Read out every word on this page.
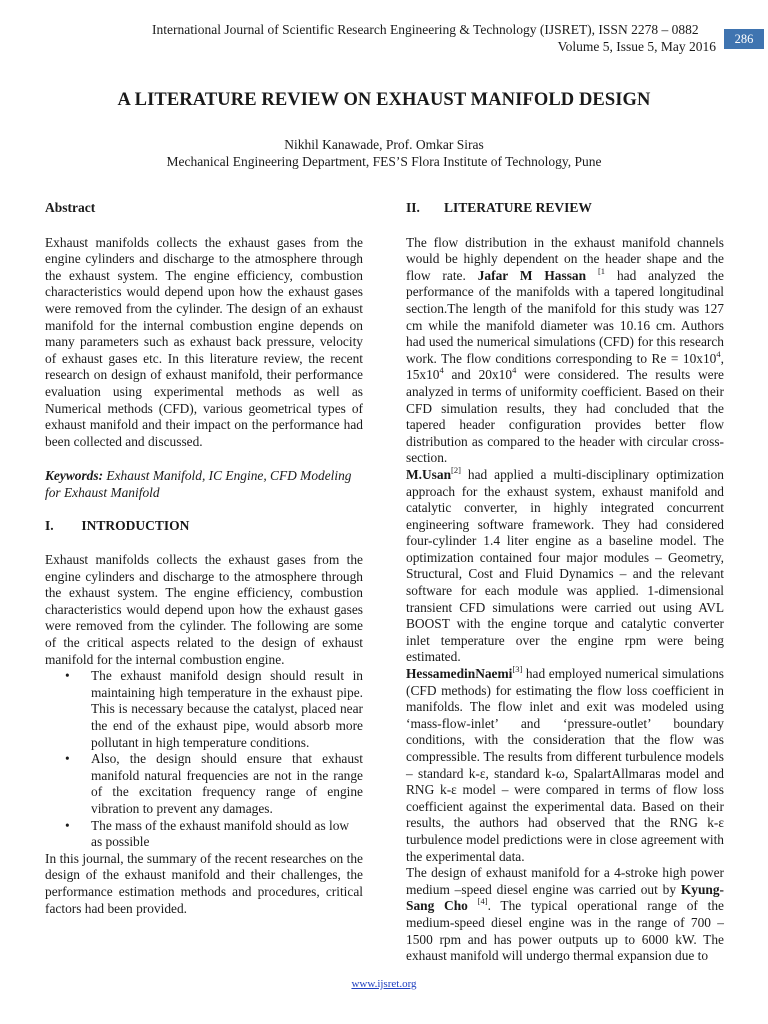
International Journal of Scientific Research Engineering & Technology (IJSRET), ISSN 2278 – 0882
Volume 5, Issue 5, May 2016	286
A LITERATURE REVIEW ON EXHAUST MANIFOLD DESIGN
Nikhil Kanawade, Prof. Omkar Siras
Mechanical Engineering Department, FES’S Flora Institute of Technology, Pune

Abstract

Exhaust manifolds collects the exhaust gases from the engine cylinders and discharge to the atmosphere through the exhaust system. The engine efficiency, combustion characteristics would depend upon how the exhaust gases were removed from the cylinder. The design of an exhaust manifold for the internal combustion engine depends on many parameters such as exhaust back pressure, velocity of exhaust gases etc. In this literature review, the recent research on design of exhaust manifold, their performance evaluation using experimental methods as well as Numerical methods (CFD), various geometrical types of exhaust manifold and their impact on the performance had been collected and discussed.

Keywords: Exhaust Manifold, IC Engine, CFD Modeling for Exhaust Manifold

I. INTRODUCTION

Exhaust manifolds collects the exhaust gases from the engine cylinders and discharge to the atmosphere through the exhaust system. The engine efficiency, combustion characteristics would depend upon how the exhaust gases were removed from the cylinder. The following are some of the critical aspects related to the design of exhaust manifold for the internal combustion engine.

• The exhaust manifold design should result in maintaining high temperature in the exhaust pipe. This is necessary because the catalyst, placed near the end of the exhaust pipe, would absorb more pollutant in high temperature conditions.
• Also, the design should ensure that exhaust manifold natural frequencies are not in the range of the excitation frequency range of engine vibration to prevent any damages.
• The mass of the exhaust manifold should as low as possible

In this journal, the summary of the recent researches on the design of the exhaust manifold and their challenges, the performance estimation methods and procedures, critical factors had been provided.

II. LITERATURE REVIEW

The flow distribution in the exhaust manifold channels would be highly dependent on the header shape and the flow rate. Jafar M Hassan $^{[1}$ had analyzed the performance of the manifolds with a tapered longitudinal section.The length of the manifold for this study was 127 cm while the manifold diameter was 10.16 cm. Authors had used the numerical simulations (CFD) for this research work. The flow conditions corresponding to $Re = 10x10^4$, $15x10^4$ and $20x10^4$ were considered. The results were analyzed in terms of uniformity coefficient. Based on their CFD simulation results, they had concluded that the tapered header configuration provides better flow distribution as compared to the header with circular cross-section.

M.Usan[2] had applied a multi-disciplinary optimization approach for the exhaust system, exhaust manifold and catalytic converter, in highly integrated concurrent engineering software framework. They had considered four-cylinder 1.4 liter engine as a baseline model. The optimization contained four major modules – Geometry, Structural, Cost and Fluid Dynamics – and the relevant software for each module was applied. 1-dimensional transient CFD simulations were carried out using AVL BOOST with the engine torque and catalytic converter inlet temperature over the engine rpm were being estimated.

HessamedinNaemi[3] had employed numerical simulations (CFD methods) for estimating the flow loss coefficient in manifolds. The flow inlet and exit was modeled using ‘mass-flow-inlet’ and ‘pressure-outlet’ boundary conditions, with the consideration that the flow was compressible. The results from different turbulence models – standard k-ε, standard k-ω, SpalartAllmaras model and RNG k-ε model – were compared in terms of flow loss coefficient against the experimental data. Based on their results, the authors had observed that the RNG k-ε turbulence model predictions were in close agreement with the experimental data.

The design of exhaust manifold for a 4-stroke high power medium –speed diesel engine was carried out by Kyung-Sang Cho [4]. The typical operational range of the medium-speed diesel engine was in the range of 700 – 1500 rpm and has power outputs up to 6000 kW. The exhaust manifold will undergo thermal expansion due to

www.ijsret.org
